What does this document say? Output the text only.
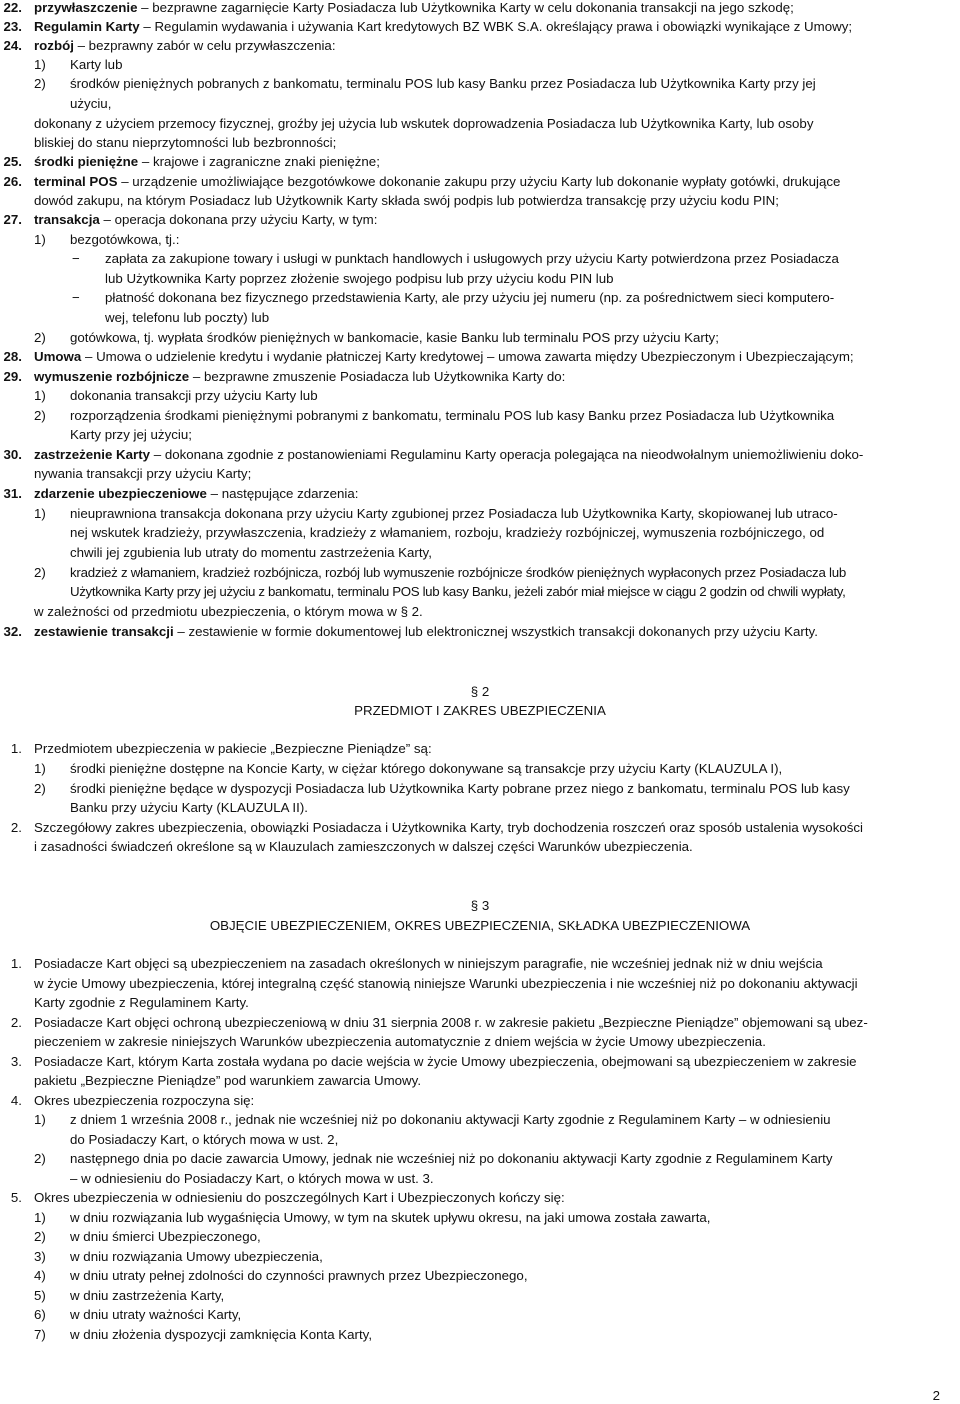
22. przywłaszczenie – bezprawne zagarnięcie Karty Posiadacza lub Użytkownika Karty w celu dokonania transakcji na jego szkodę;
23. Regulamin Karty – Regulamin wydawania i używania Kart kredytowych BZ WBK S.A. określający prawa i obowiązki wynikające z Umowy;
24. rozbój – bezprawny zabór w celu przywłaszczenia:
1) Karty lub
2) środków pieniężnych pobranych z bankomatu, terminalu POS lub kasy Banku przez Posiadacza lub Użytkownika Karty przy jej
użyciu,
dokonany z użyciem przemocy fizycznej, groźby jej użycia lub wskutek doprowadzenia Posiadacza lub Użytkownika Karty, lub osoby
bliskiej do stanu nieprzytomności lub bezbronności;
25. środki pieniężne – krajowe i zagraniczne znaki pieniężne;
26. terminal POS – urządzenie umożliwiające bezgotówkowe dokonanie zakupu przy użyciu Karty lub dokonanie wypłaty gotówki, drukujące
dowód zakupu, na którym Posiadacz lub Użytkownik Karty składa swój podpis lub potwierdza transakcję przy użyciu kodu PIN;
27. transakcja – operacja dokonana przy użyciu Karty, w tym:
1) bezgotówkowa, tj.:
− zapłata za zakupione towary i usługi w punktach handlowych i usługowych przy użyciu Karty potwierdzona przez Posiadacza
lub Użytkownika Karty poprzez złożenie swojego podpisu lub przy użyciu kodu PIN lub
− płatność dokonana bez fizycznego przedstawienia Karty, ale przy użyciu jej numeru (np. za pośrednictwem sieci komputero-
wej, telefonu lub poczty) lub
2) gotówkowa, tj. wypłata środków pieniężnych w bankomacie, kasie Banku lub terminalu POS przy użyciu Karty;
28. Umowa – Umowa o udzielenie kredytu i wydanie płatniczej Karty kredytowej – umowa zawarta między Ubezpieczonym i Ubezpieczającym;
29. wymuszenie rozbójnicze – bezprawne zmuszenie Posiadacza lub Użytkownika Karty do:
1) dokonania transakcji przy użyciu Karty lub
2) rozporządzenia środkami pieniężnymi pobranymi z bankomatu, terminalu POS lub kasy Banku przez Posiadacza lub Użytkownika
Karty przy jej użyciu;
30. zastrzeżenie Karty – dokonana zgodnie z postanowieniami Regulaminu Karty operacja polegająca na nieodwołalnym uniemożliwieniu doko-
nywania transakcji przy użyciu Karty;
31. zdarzenie ubezpieczeniowe – następujące zdarzenia:
1) nieuprawniona transakcja dokonana przy użyciu Karty zgubionej przez Posiadacza lub Użytkownika Karty, skopiowanej lub utraco-
nej wskutek kradzieży, przywłaszczenia, kradzieży z włamaniem, rozboju, kradzieży rozbójniczej, wymuszenia rozbójniczego, od
chwili jej zgubienia lub utraty do momentu zastrzeżenia Karty,
2) kradzież z włamaniem, kradzież rozbójnicza, rozbój lub wymuszenie rozbójnicze środków pieniężnych wypłaconych przez Posiadacza lub
Użytkownika Karty przy jej użyciu z bankomatu, terminalu POS lub kasy Banku, jeżeli zabór miał miejsce w ciągu 2 godzin od chwili wypłaty,
w zależności od przedmiotu ubezpieczenia, o którym mowa w § 2.
32. zestawienie transakcji – zestawienie w formie dokumentowej lub elektronicznej wszystkich transakcji dokonanych przy użyciu Karty.
§ 2
PRZEDMIOT I ZAKRES UBEZPIECZENIA
1. Przedmiotem ubezpieczenia w pakiecie „Bezpieczne Pieniądze” są:
1) środki pieniężne dostępne na Koncie Karty, w ciężar którego dokonywane są transakcje przy użyciu Karty (KLAUZULA I),
2) środki pieniężne będące w dyspozycji Posiadacza lub Użytkownika Karty pobrane przez niego z bankomatu, terminalu POS lub kasy
Banku przy użyciu Karty (KLAUZULA II).
2. Szczegółowy zakres ubezpieczenia, obowiązki Posiadacza i Użytkownika Karty, tryb dochodzenia roszczeń oraz sposób ustalenia wysokości
i zasadności świadczeń określone są w Klauzulach zamieszczonych w dalszej części Warunków ubezpieczenia.
§ 3
OBJĘCIE UBEZPIECZENIEM, OKRES UBEZPIECZENIA, SKŁADKA UBEZPIECZENIOWA
1. Posiadacze Kart objęci są ubezpieczeniem na zasadach określonych w niniejszym paragrafie, nie wcześniej jednak niż w dniu wejścia
w życie Umowy ubezpieczenia, której integralną część stanowią niniejsze Warunki ubezpieczenia i nie wcześniej niż po dokonaniu aktywacji
Karty zgodnie z Regulaminem Karty.
2. Posiadacze Kart objęci ochroną ubezpieczeniową w dniu 31 sierpnia 2008 r. w zakresie pakietu „Bezpieczne Pieniądze” objemowani są ubez-
pieczeniem w zakresie niniejszych Warunków ubezpieczenia automatycznie z dniem wejścia w życie Umowy ubezpieczenia.
3. Posiadacze Kart, którym Karta została wydana po dacie wejścia w życie Umowy ubezpieczenia, obejmowani są ubezpieczeniem w zakresie
pakietu „Bezpieczne Pieniądze” pod warunkiem zawarcia Umowy.
4. Okres ubezpieczenia rozpoczyna się:
1) z dniem 1 września 2008 r., jednak nie wcześniej niż po dokonaniu aktywacji Karty zgodnie z Regulaminem Karty – w odniesieniu
do Posiadaczy Kart, o których mowa w ust. 2,
2) następnego dnia po dacie zawarcia Umowy, jednak nie wcześniej niż po dokonaniu aktywacji Karty zgodnie z Regulaminem Karty
– w odniesieniu do Posiadaczy Kart, o których mowa w ust. 3.
5. Okres ubezpieczenia w odniesieniu do poszczególnych Kart i Ubezpieczonych kończy się:
1) w dniu rozwiązania lub wygaśnięcia Umowy, w tym na skutek upływu okresu, na jaki umowa została zawarta,
2) w dniu śmierci Ubezpieczonego,
3) w dniu rozwiązania Umowy ubezpieczenia,
4) w dniu utraty pełnej zdolności do czynności prawnych przez Ubezpieczonego,
5) w dniu zastrzeżenia Karty,
6) w dniu utraty ważności Karty,
7) w dniu złożenia dyspozycji zamknięcia Konta Karty,
2
